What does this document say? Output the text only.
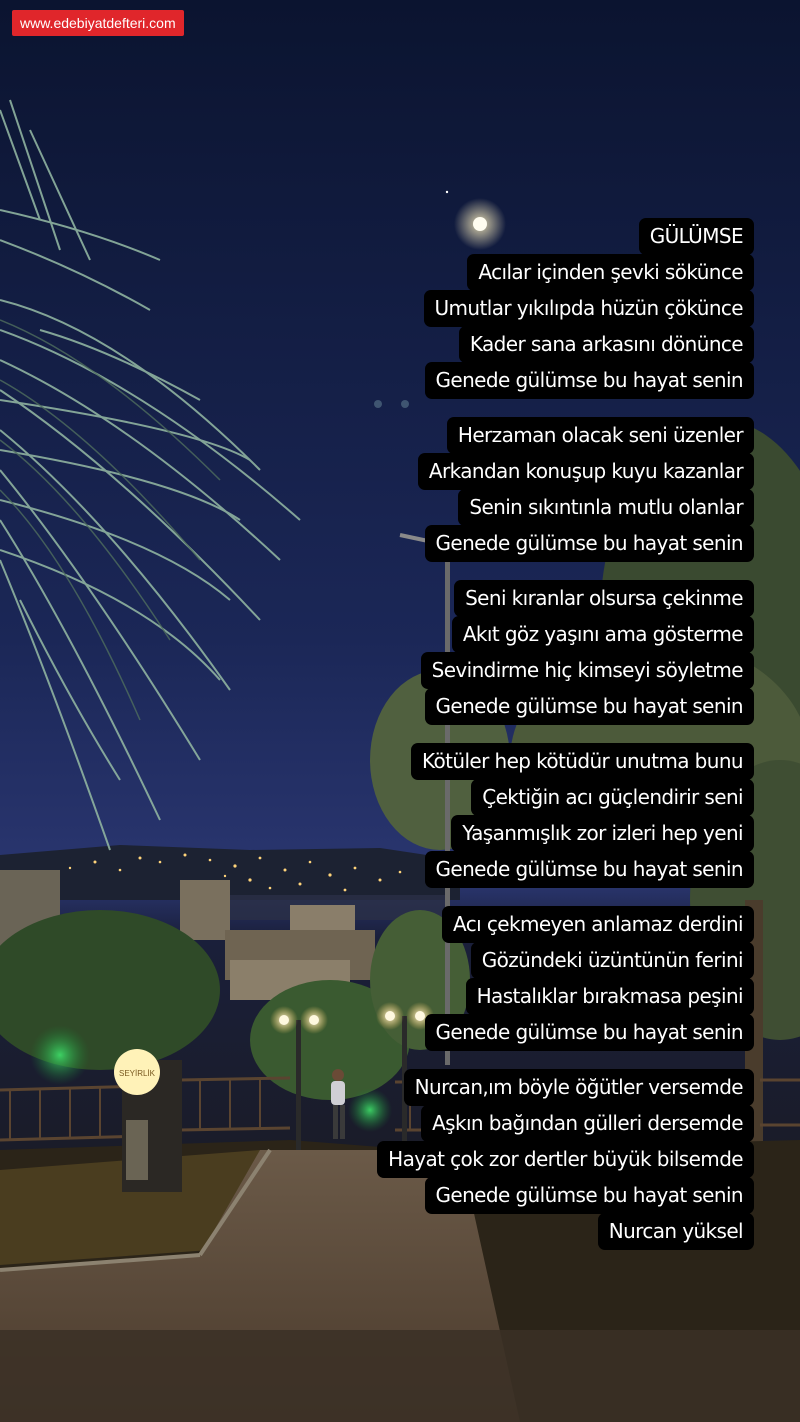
SEYİRLİK
www.edebiyatdefteri.com
GÜLÜMSE
Acılar içinden şevki sökünce
Umutlar yıkılıpda hüzün çökünce
Kader sana arkasını dönünce
Genede gülümse bu hayat senin
Herzaman olacak seni üzenler
Arkandan konuşup kuyu kazanlar
Senin sıkıntınla mutlu olanlar
Genede gülümse bu hayat senin
Seni kıranlar olsursa çekinme
Akıt göz yaşını ama gösterme
Sevindirme hiç kimseyi söyletme
Genede gülümse bu hayat senin
Kötüler hep kötüdür unutma bunu
Çektiğin acı güçlendirir seni
Yaşanmışlık zor izleri hep yeni
Genede gülümse bu hayat senin
Acı çekmeyen anlamaz derdini
Gözündeki üzüntünün ferini
Hastalıklar bırakmasa peşini
Genede gülümse bu hayat senin
Nurcan,ım böyle öğütler versemde
Aşkın bağından gülleri dersemde
Hayat çok zor dertler büyük bilsemde
Genede gülümse bu hayat senin
Nurcan yüksel
